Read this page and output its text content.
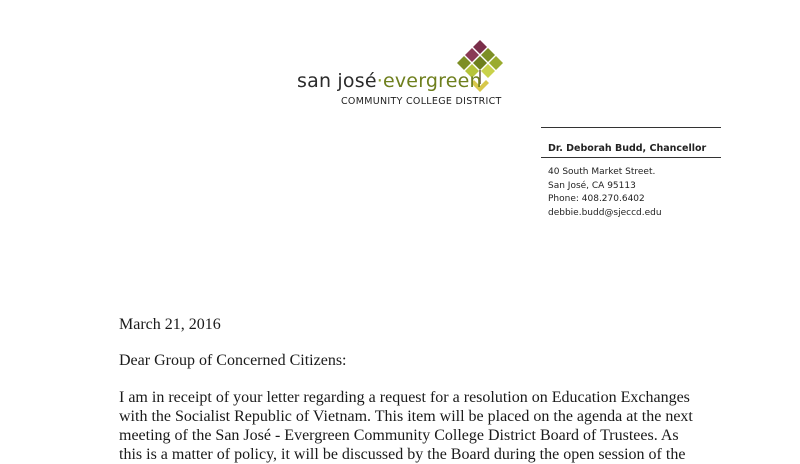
san josé·evergreen
COMMUNITY COLLEGE DISTRICT
Dr. Deborah Budd, Chancellor
40 South Market Street.
San José, CA 95113
Phone: 408.270.6402
debbie.budd@sjeccd.edu
March 21, 2016
Dear Group of Concerned Citizens:
I am in receipt of your letter regarding a request for a resolution on Education Exchanges
with the Socialist Republic of Vietnam. This item will be placed on the agenda at the next
meeting of the San José - Evergreen Community College District Board of Trustees. As
this is a matter of policy, it will be discussed by the Board during the open session of the
